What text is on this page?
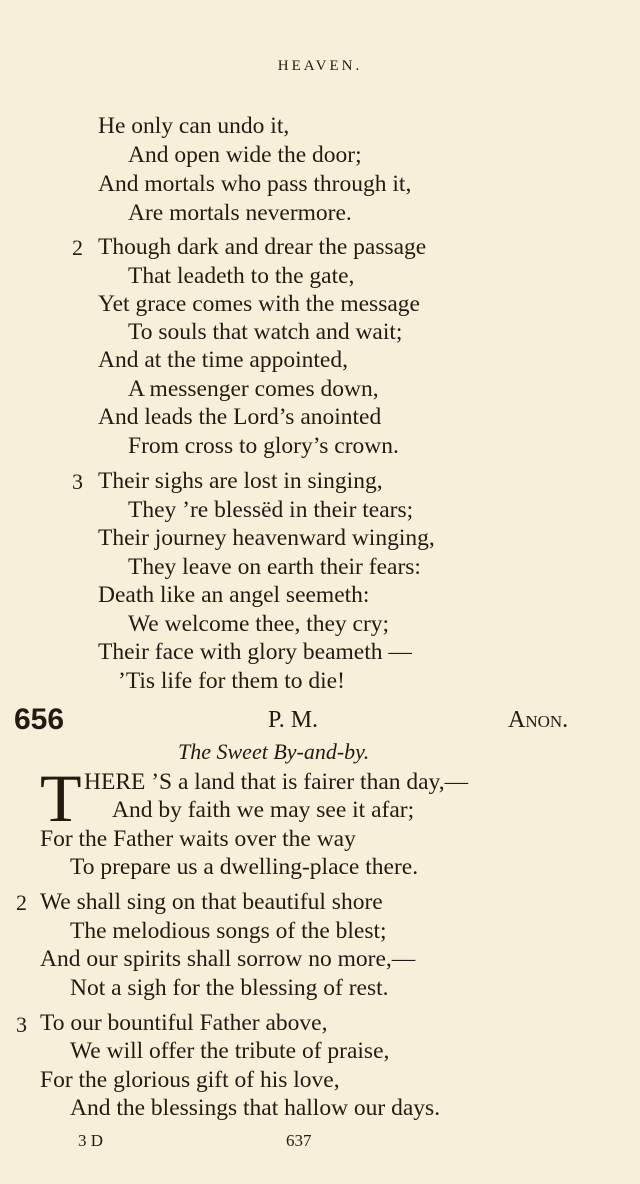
HEAVEN.
He only can undo it,
And open wide the door;
And mortals who pass through it,
Are mortals nevermore.
2 Though dark and drear the passage
That leadeth to the gate,
Yet grace comes with the message
To souls that watch and wait;
And at the time appointed,
A messenger comes down,
And leads the Lord’s anointed
From cross to glory’s crown.
3 Their sighs are lost in singing,
They ’re blessëd in their tears;
Their journey heavenward winging,
They leave on earth their fears:
Death like an angel seemeth:
We welcome thee, they cry;
Their face with glory beameth —
’Tis life for them to die!
656	P. M.	Anon.
The Sweet By-and-by.
T HERE ’S a land that is fairer than day,—
And by faith we may see it afar;
For the Father waits over the way
To prepare us a dwelling-place there.
2 We shall sing on that beautiful shore
The melodious songs of the blest;
And our spirits shall sorrow no more,—
Not a sigh for the blessing of rest.
3 To our bountiful Father above,
We will offer the tribute of praise,
For the glorious gift of his love,
And the blessings that hallow our days.
3 D	637
